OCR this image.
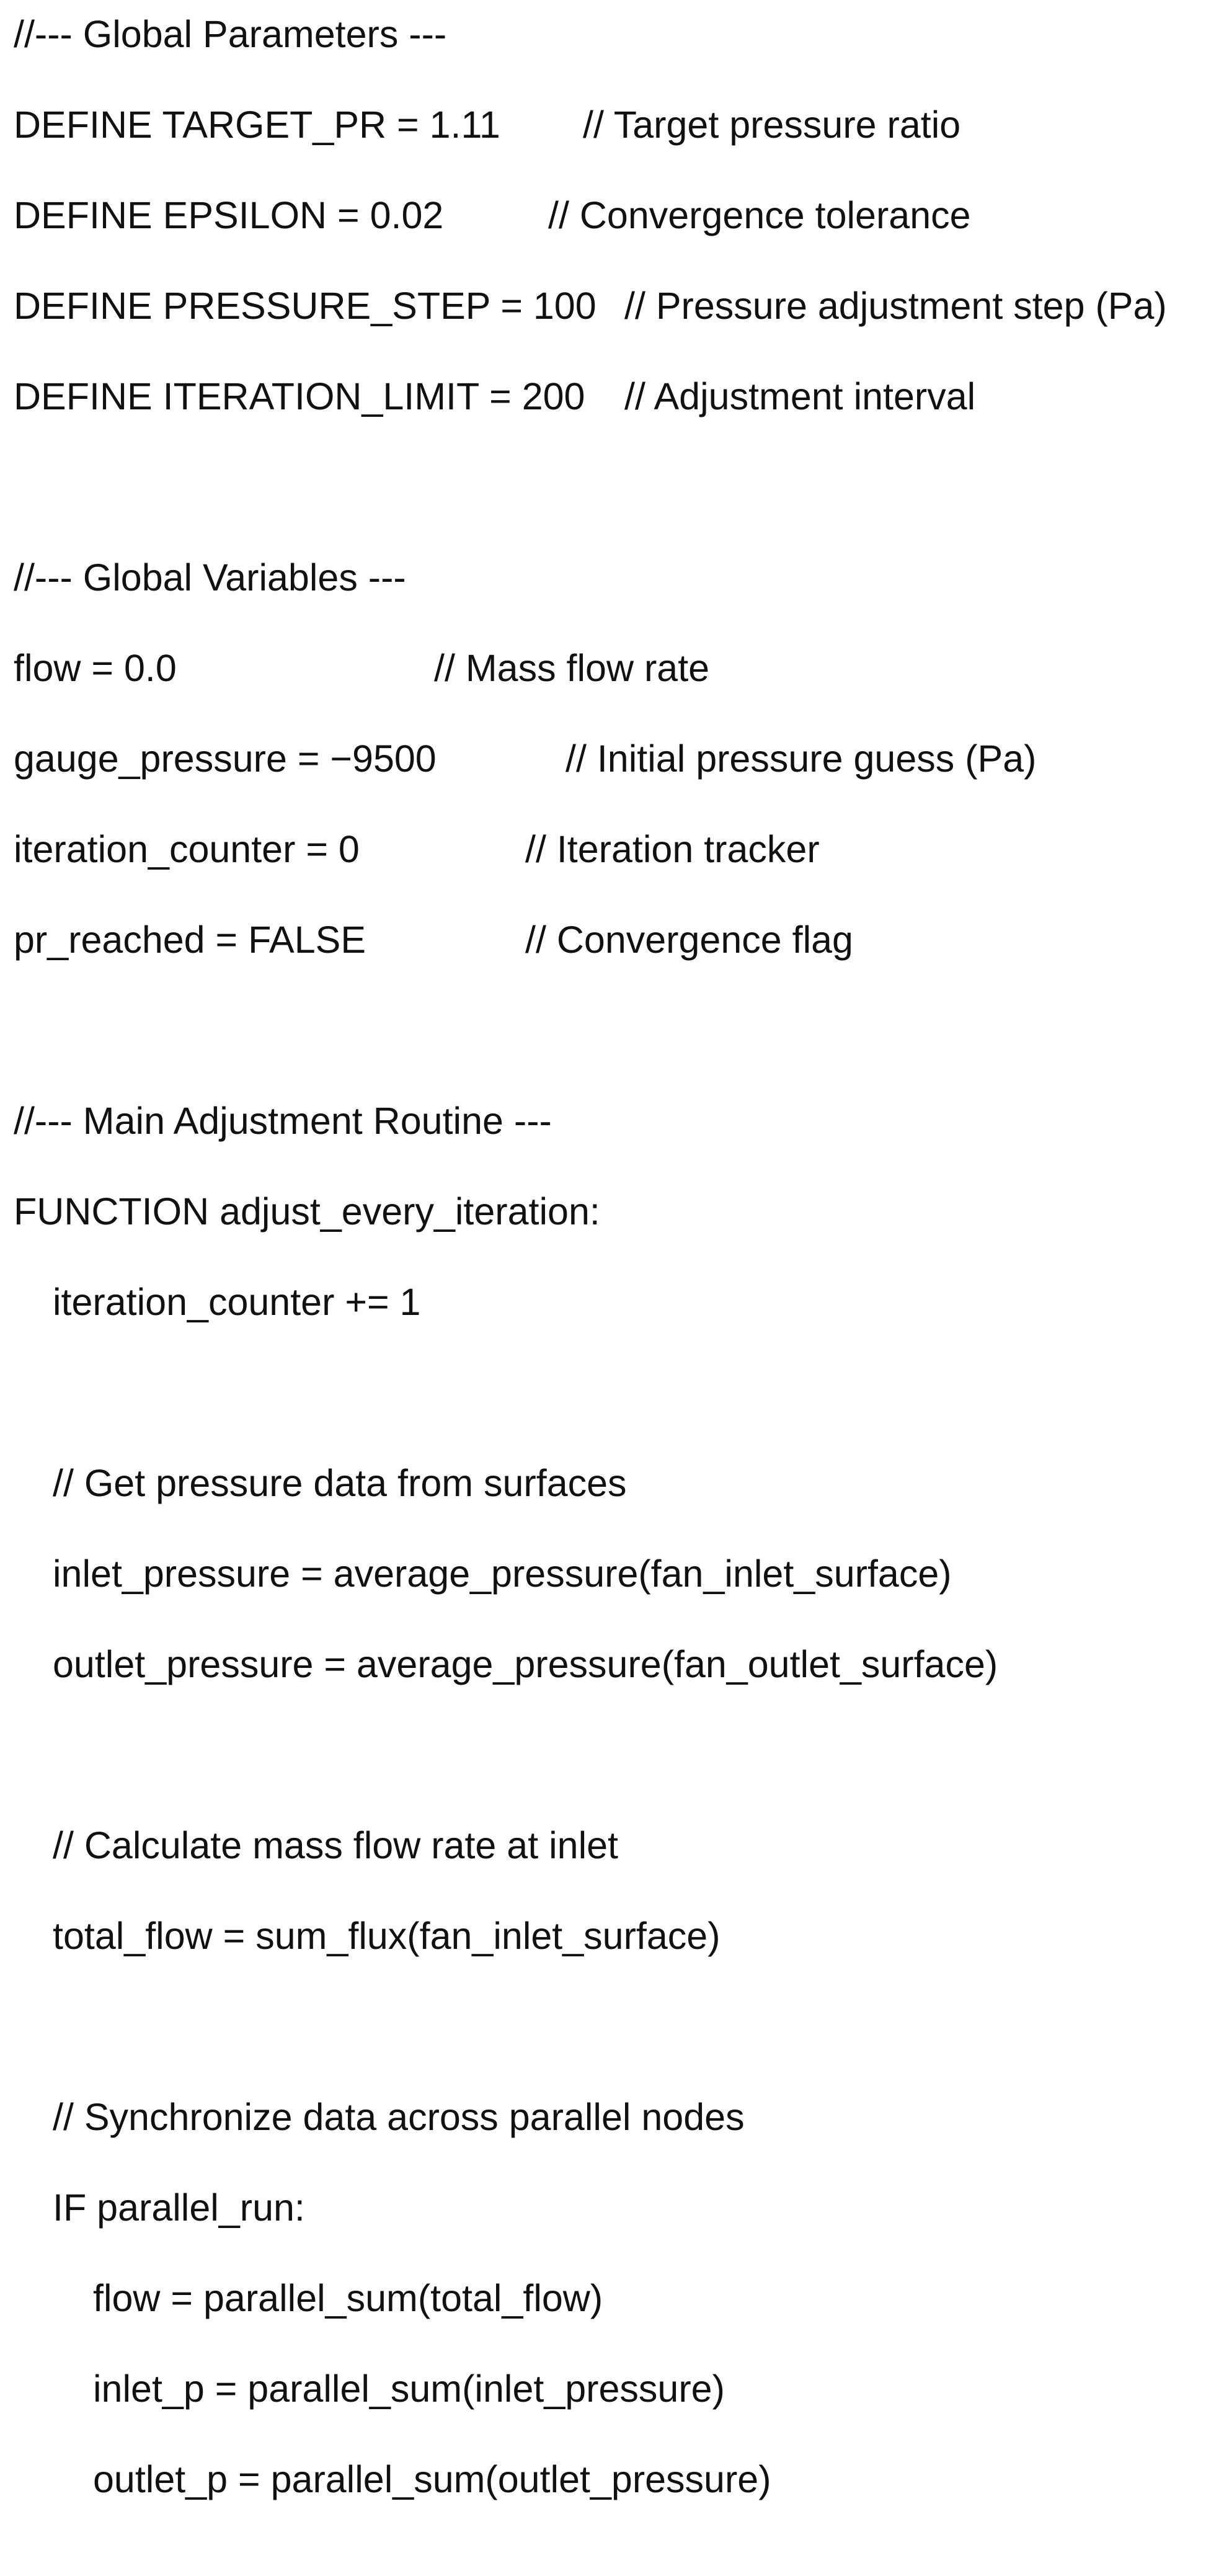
//--- Global Parameters ---

DEFINE TARGET_PR = 1.11

// Target pressure ratio

DEFINE EPSILON = 0.02

	// Convergence tolerance

DEFINE PRESSURE_STEP = 100

// Pressure adjustment step (Pa)

DEFINE ITERATION_LIMIT = 200

// Adjustment interval

//--- Global Variables ---

flow = 0.0

	// Mass flow rate

gauge_pressure = −9500

	// Initial pressure guess (Pa)

iteration_counter = 0

	// Iteration tracker

pr_reached = FALSE

	// Convergence flag

//--- Main Adjustment Routine ---

FUNCTION adjust_every_iteration:

iteration_counter += 1

// Get pressure data from surfaces

inlet_pressure = average_pressure(fan_inlet_surface)

outlet_pressure = average_pressure(fan_outlet_surface)

// Calculate mass flow rate at inlet

total_flow = sum_flux(fan_inlet_surface)

// Synchronize data across parallel nodes

IF parallel_run:

flow = parallel_sum(total_flow)

inlet_p = parallel_sum(inlet_pressure)

outlet_p = parallel_sum(outlet_pressure)
